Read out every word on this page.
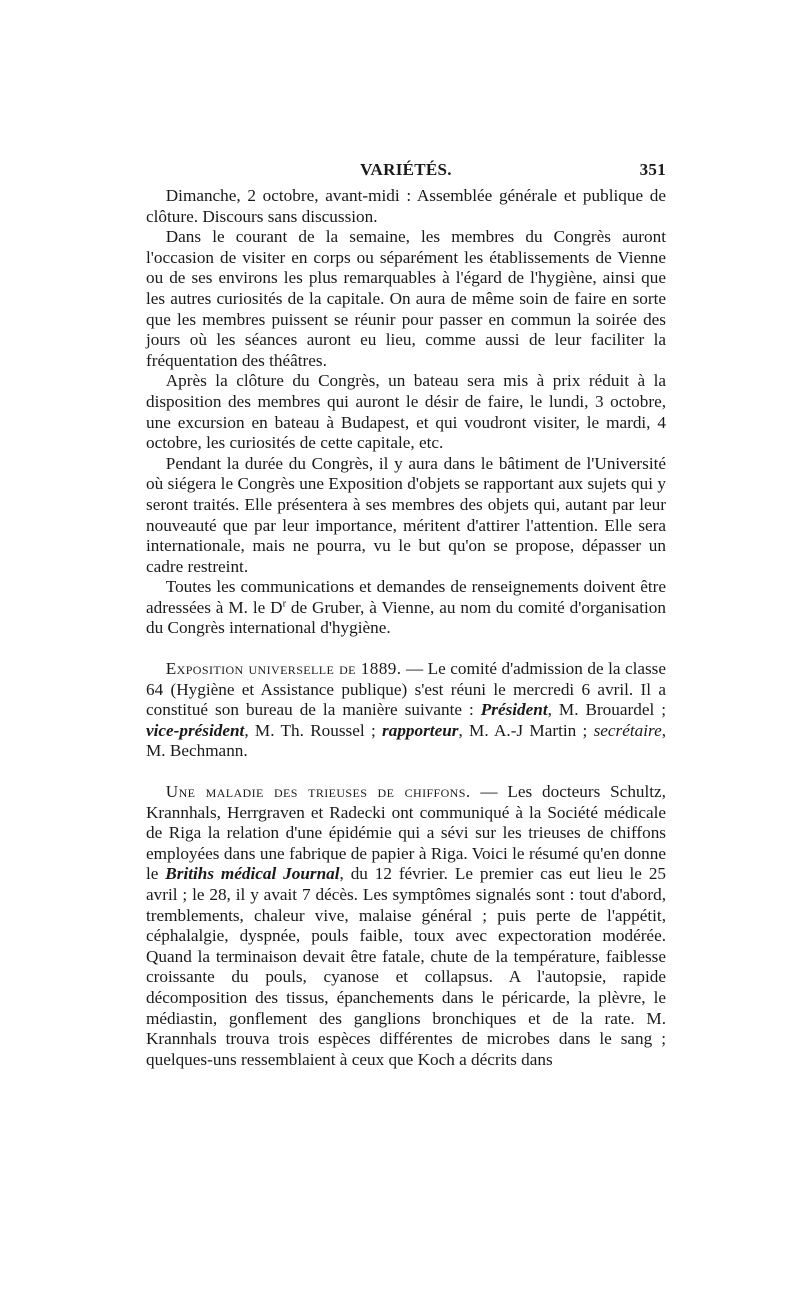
VARIÉTÉS.	351

Dimanche, 2 octobre, avant-midi : Assemblée générale et publique de clôture. Discours sans discussion.

Dans le courant de la semaine, les membres du Congrès auront l'occasion de visiter en corps ou séparément les établissements de Vienne ou de ses environs les plus remarquables à l'égard de l'hygiène, ainsi que les autres curiosités de la capitale. On aura de même soin de faire en sorte que les membres puissent se réunir pour passer en commun la soirée des jours où les séances auront eu lieu, comme aussi de leur faciliter la fréquentation des théâtres.

Après la clôture du Congrès, un bateau sera mis à prix réduit à la disposition des membres qui auront le désir de faire, le lundi, 3 octobre, une excursion en bateau à Budapest, et qui voudront visiter, le mardi, 4 octobre, les curiosités de cette capitale, etc.

Pendant la durée du Congrès, il y aura dans le bâtiment de l'Université où siégera le Congrès une Exposition d'objets se rapportant aux sujets qui y seront traités. Elle présentera à ses membres des objets qui, autant par leur nouveauté que par leur importance, méritent d'attirer l'attention. Elle sera internationale, mais ne pourra, vu le but qu'on se propose, dépasser un cadre restreint.

Toutes les communications et demandes de renseignements doivent être adressées à M. le $D^r$ de Gruber, à Vienne, au nom du comité d'organisation du Congrès international d'hygiène.

Exposition universelle de 1889. — Le comité d'admission de la classe 64 (Hygiène et Assistance publique) s'est réuni le mercredi 6 avril. Il a constitué son bureau de la manière suivante : Président, M. Brouardel ; vice-président, M. Th. Roussel ; rapporteur, M. A.-J Martin ; secrétaire, M. Bechmann.

Une maladie des trieuses de chiffons. — Les docteurs Schultz, Krannhals, Herrgraven et Radecki ont communiqué à la Société médicale de Riga la relation d'une épidémie qui a sévi sur les trieuses de chiffons employées dans une fabrique de papier à Riga. Voici le résumé qu'en donne le Britihs médical Journal, du 12 février. Le premier cas eut lieu le 25 avril ; le 28, il y avait 7 décès. Les symptômes signalés sont : tout d'abord, tremblements, chaleur vive, malaise général ; puis perte de l'appétit, céphalalgie, dyspnée, pouls faible, toux avec expectoration modérée. Quand la terminaison devait être fatale, chute de la température, faiblesse croissante du pouls, cyanose et collapsus. A l'autopsie, rapide décomposition des tissus, épanchements dans le péricarde, la plèvre, le médiastin, gonflement des ganglions bronchiques et de la rate. M. Krannhals trouva trois espèces différentes de microbes dans le sang ; quelques-uns ressemblaient à ceux que Koch a décrits dans
